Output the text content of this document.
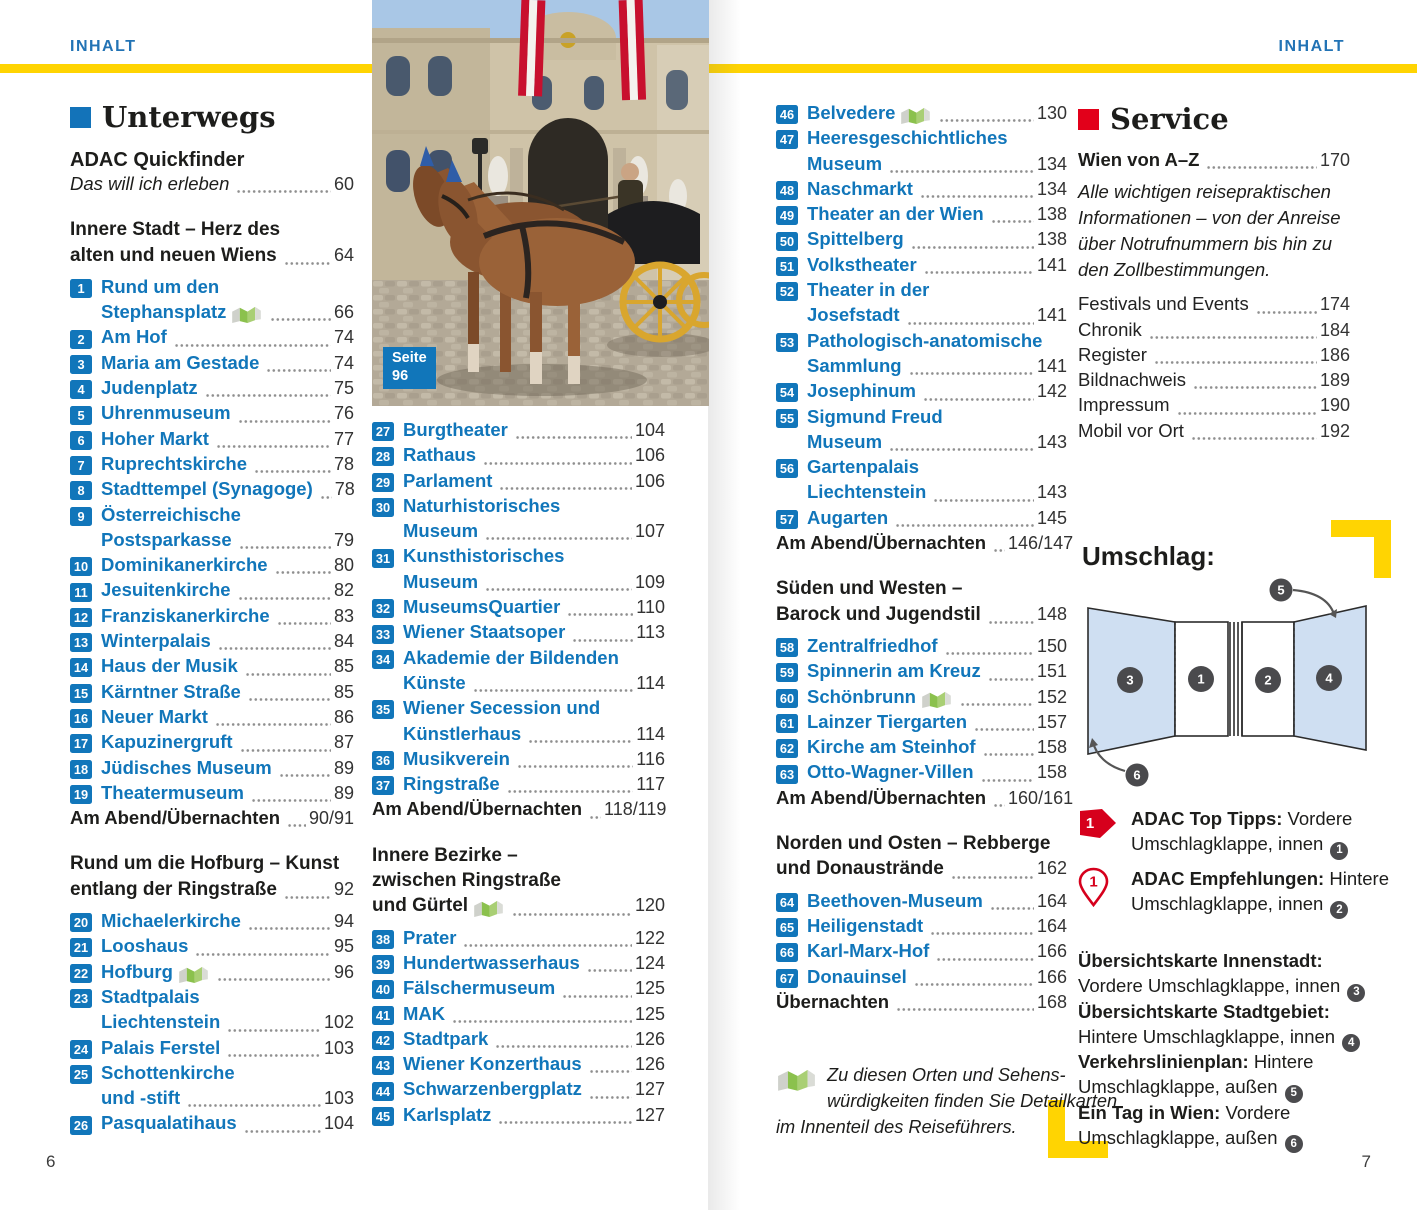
INHALT	INHALT
Seite
96
Unterwegs
ADAC Quickfinder
Das will ich erleben	60
Innere Stadt – Herz des
alten und neuen Wiens	64
1 Rund um den
Stephansplatz	66
2 Am Hof	74
3 Maria am Gestade	74
4 Judenplatz	75
5 Uhrenmuseum	76
6 Hoher Markt	77
7 Ruprechtskirche	78
8 Stadttempel (Synagoge) 78
9 Österreichische
Postsparkasse	79
10 Dominikanerkirche	80
11 Jesuitenkirche	82
12 Franziskanerkirche	83
13 Winterpalais	84
14 Haus der Musik	85
15 Kärntner Straße	85
16 Neuer Markt	86
17 Kapuzinergruft	87
18 Jüdisches Museum	89
19 Theatermuseum	89
Am Abend/Übernachten 90/91
Rund um die Hofburg – Kunst
entlang der Ringstraße	92
20 Michaelerkirche	94
21 Looshaus	95
22 Hofburg	96
23 Stadtpalais
Liechtenstein	102
24 Palais Ferstel	103
25 Schottenkirche
und -stift	103
26 Pasqualatihaus	104
27 Burgtheater	104
28 Rathaus	106
29 Parlament	106
30 Naturhistorisches
Museum	107
31 Kunsthistorisches
Museum	109
32 MuseumsQuartier	110
33 Wiener Staatsoper	113
34 Akademie der Bildenden
Künste	114
35 Wiener Secession und
Künstlerhaus	114
36 Musikverein	116
37 Ringstraße	117
Am Abend/Übernachten 118/119
Innere Bezirke –
zwischen Ringstraße
und Gürtel	120
38 Prater	122
39 Hundertwasserhaus	124
40 Fälschermuseum	125
41 MAK	125
42 Stadtpark	126
43 Wiener Konzerthaus	126
44 Schwarzenbergplatz	127
45 Karlsplatz	127
46 Belvedere	130
47 Heeresgeschichtliches
Museum	134
48 Naschmarkt	134
49 Theater an der Wien	138
50 Spittelberg	138
51 Volkstheater	141
52 Theater in der
Josefstadt	141
53 Pathologisch-anatomische
Sammlung	141
54 Josephinum	142
55 Sigmund Freud
Museum	143
56 Gartenpalais
Liechtenstein	143
57 Augarten	145
Am Abend/Übernachten 146/147
Süden und Westen –
Barock und Jugendstil	148
58 Zentralfriedhof	150
59 Spinnerin am Kreuz	151
60 Schönbrunn	152
61 Lainzer Tiergarten	157
62 Kirche am Steinhof	158
63 Otto-Wagner-Villen	158
Am Abend/Übernachten 160/161
Norden und Osten – Rebberge
und Donaustrände	162
64 Beethoven-Museum	164
65 Heiligenstadt	164
66 Karl-Marx-Hof	166
67 Donauinsel	166
Übernachten	168
Zu diesen Orten und Sehens-
würdigkeiten finden Sie Detailkarten
im Innenteil des Reiseführers.
Service
Wien von A–Z	170
Alle wichtigen reisepraktischen
Informationen – von der Anreise
über Notrufnummern bis hin zu
den Zollbestimmungen.
Festivals und Events	174
Chronik	184
Register	186
Bildnachweis	189
Impressum	190
Mobil vor Ort	192
Umschlag:
3	1	2	4
5
6
1 ADAC Top Tipps: Vordere
Umschlagklappe, innen 1
1 ADAC Empfehlungen: Hintere
Umschlagklappe, innen 2
Übersichtskarte Innenstadt:
Vordere Umschlagklappe, innen 3
Übersichtskarte Stadtgebiet:
Hintere Umschlagklappe, innen 4
Verkehrslinienplan: Hintere
Umschlagklappe, außen 5
Ein Tag in Wien: Vordere
Umschlagklappe, außen 6
6	7
